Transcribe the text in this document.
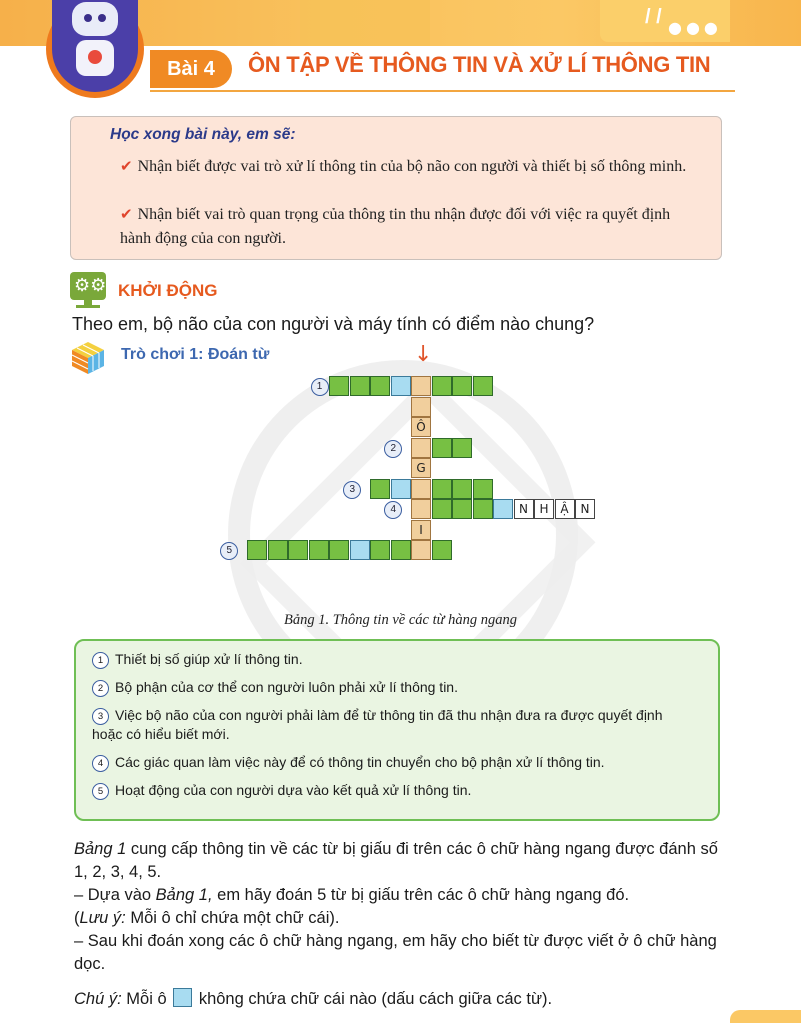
/ / ●●●
Bài 4	ÔN TẬP VỀ THÔNG TIN VÀ XỬ LÍ THÔNG TIN
Học xong bài này, em sẽ:
✔ Nhận biết được vai trò xử lí thông tin của bộ não con người và thiết bị số thông minh.
✔ Nhận biết vai trò quan trọng của thông tin thu nhận được đối với việc ra quyết định hành động của con người.
⚙⚙ KHỞI ĐỘNG
Theo em, bộ não của con người và máy tính có điểm nào chung?
Trò chơi 1: Đoán từ	↓
1
Ô
2
G
3
N H Ậ N
4
I
5
Bảng 1. Thông tin về các từ hàng ngang
1 Thiết bị số giúp xử lí thông tin.
2 Bộ phận của cơ thể con người luôn phải xử lí thông tin.
3 Việc bộ não của con người phải làm để từ thông tin đã thu nhận đưa ra được quyết định hoặc có hiểu biết mới.
4 Các giác quan làm việc này để có thông tin chuyển cho bộ phận xử lí thông tin.
5 Hoạt động của con người dựa vào kết quả xử lí thông tin.
Bảng 1 cung cấp thông tin về các từ bị giấu đi trên các ô chữ hàng ngang được đánh số 1, 2, 3, 4, 5.
– Dựa vào Bảng 1, em hãy đoán 5 từ bị giấu trên các ô chữ hàng ngang đó.
(Lưu ý: Mỗi ô chỉ chứa một chữ cái).
– Sau khi đoán xong các ô chữ hàng ngang, em hãy cho biết từ được viết ở ô chữ hàng dọc.
Chú ý: Mỗi ô không chứa chữ cái nào (dấu cách giữa các từ).
